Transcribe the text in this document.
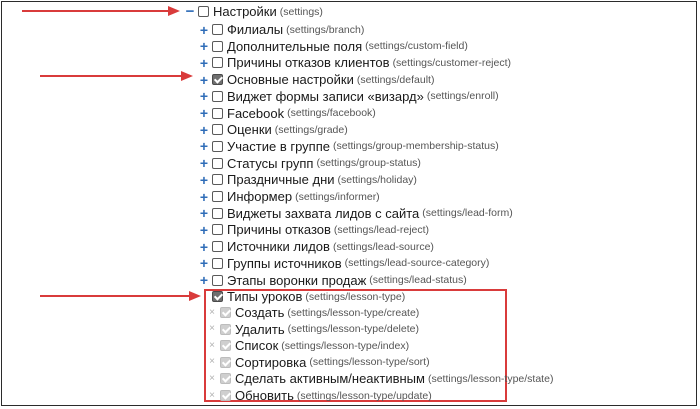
− Настройки (settings)
+ Филиалы (settings/branch)
+ Дополнительные поля (settings/custom-field)
+ Причины отказов клиентов (settings/customer-reject)
+ Основные настройки (settings/default)
+ Виджет формы записи «визард» (settings/enroll)
+ Facebook (settings/facebook)
+ Оценки (settings/grade)
+ Участие в группе (settings/group-membership-status)
+ Статусы групп (settings/group-status)
+ Праздничные дни (settings/holiday)
+ Информер (settings/informer)
+ Виджеты захвата лидов с сайта (settings/lead-form)
+ Причины отказов (settings/lead-reject)
+ Источники лидов (settings/lead-source)
+ Группы источников (settings/lead-source-category)
+ Этапы воронки продаж (settings/lead-status)
Типы уроков (settings/lesson-type)
× Создать (settings/lesson-type/create)
× Удалить (settings/lesson-type/delete)
× Список (settings/lesson-type/index)
× Сортировка (settings/lesson-type/sort)
× Сделать активным/неактивным (settings/lesson-type/state)
× Обновить (settings/lesson-type/update)
